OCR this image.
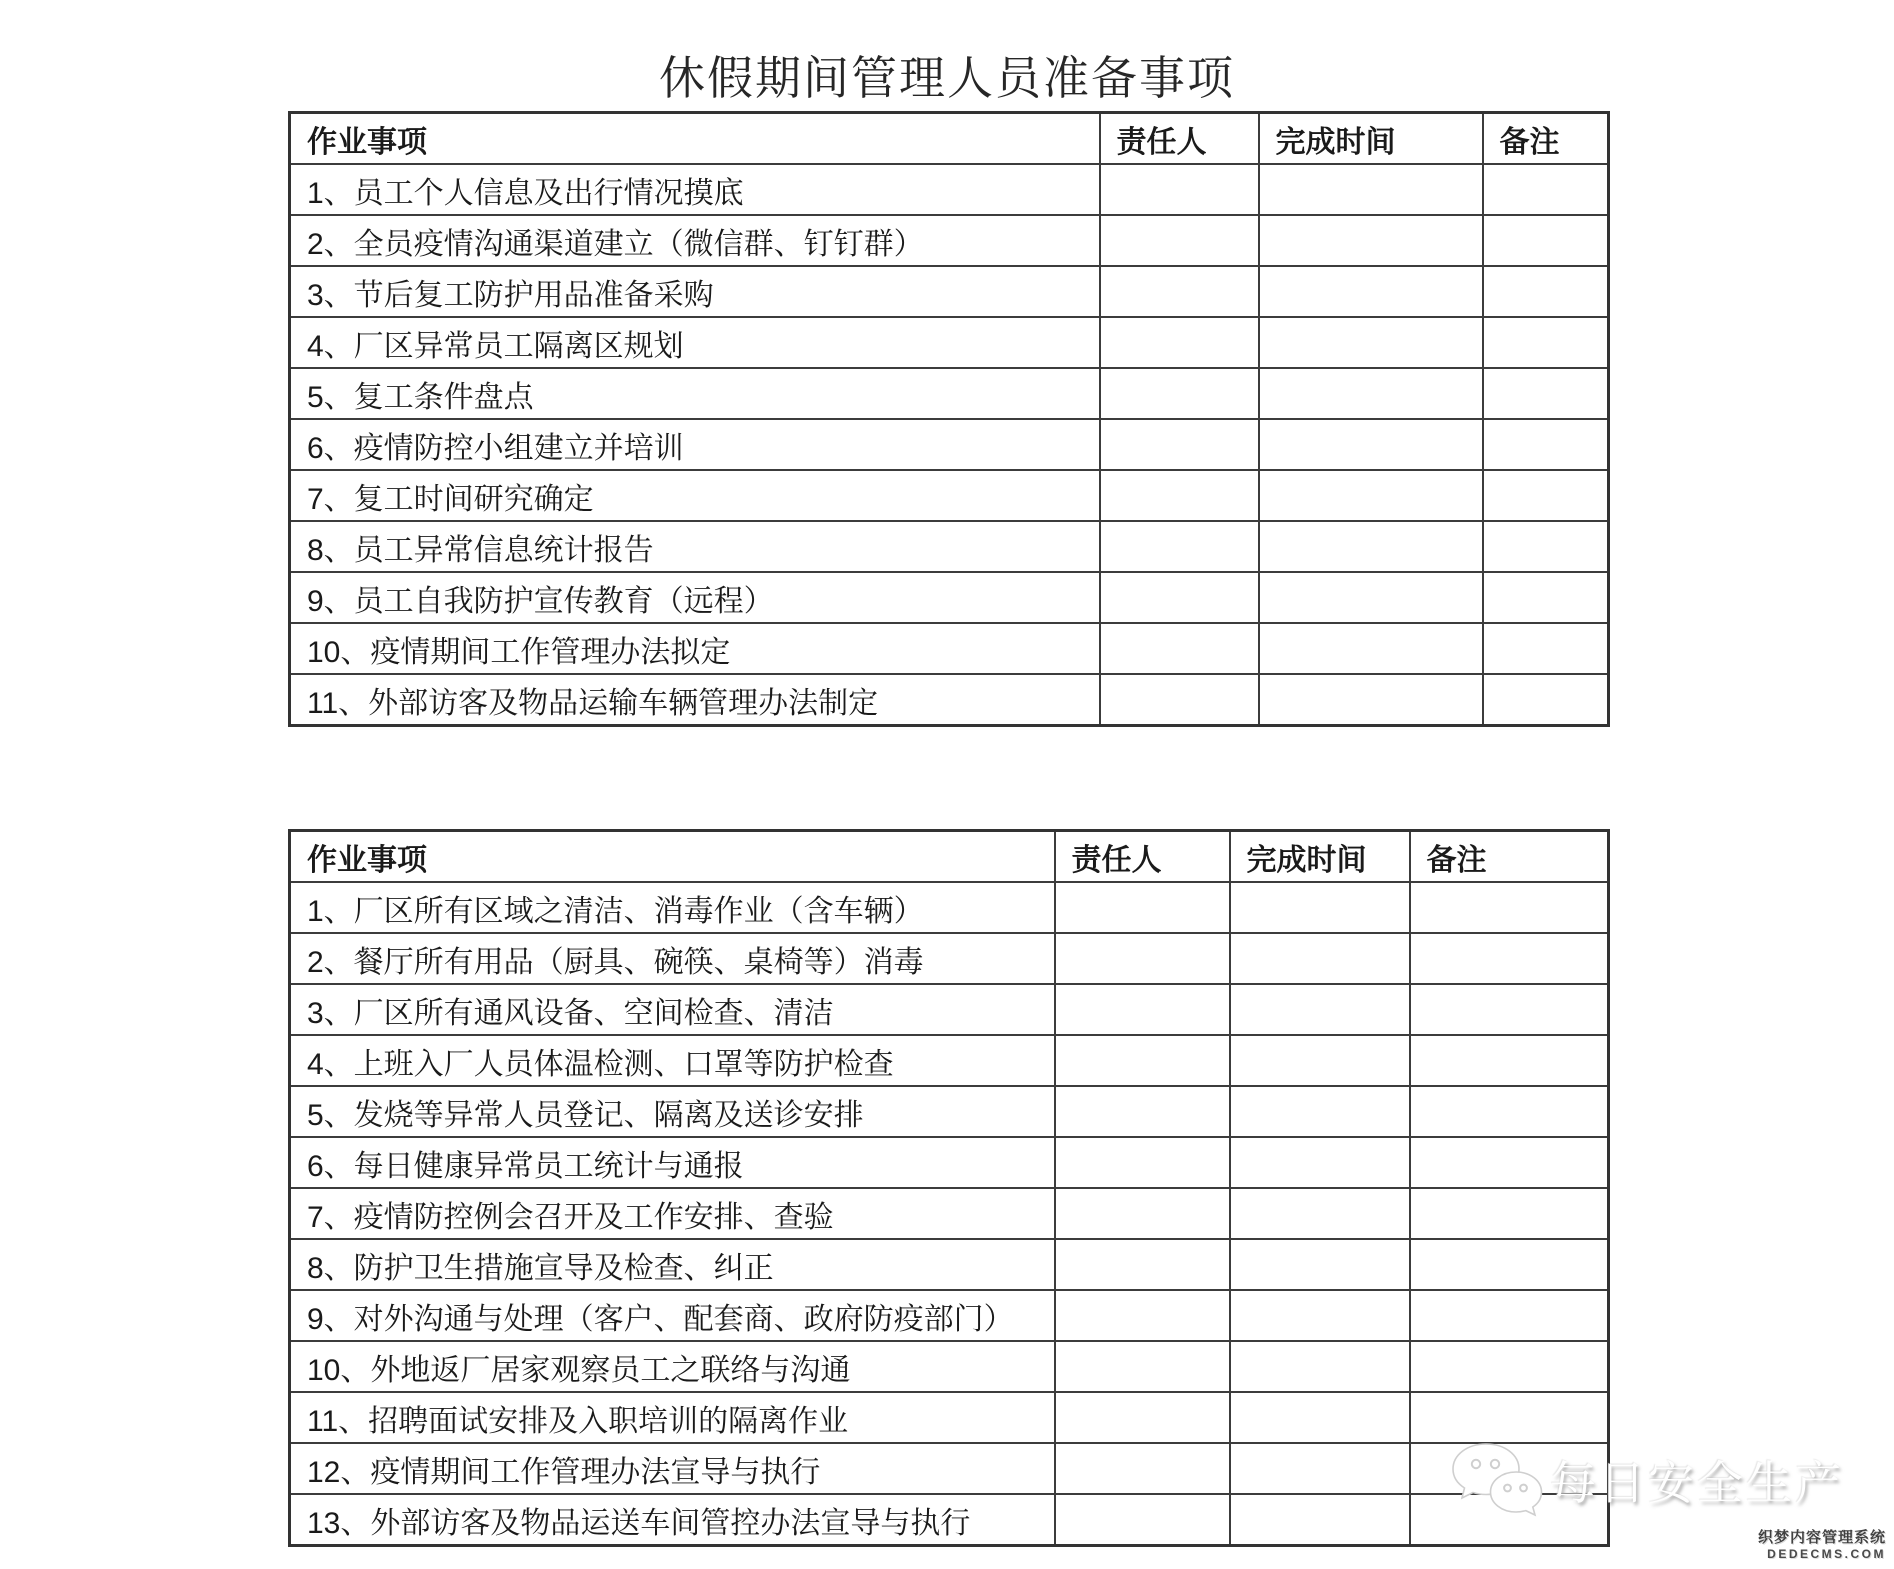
休假期间管理人员准备事项
作业事项	责任人	完成时间	备注
1、员工个人信息及出行情况摸底			
2、全员疫情沟通渠道建立（微信群、钉钉群）			
3、节后复工防护用品准备采购			
4、厂区异常员工隔离区规划			
5、复工条件盘点			
6、疫情防控小组建立并培训			
7、复工时间研究确定			
8、员工异常信息统计报告			
9、员工自我防护宣传教育（远程）			
10、疫情期间工作管理办法拟定			
11、外部访客及物品运输车辆管理办法制定			
作业事项	责任人	完成时间	备注
1、厂区所有区域之清洁、消毒作业（含车辆）			
2、餐厅所有用品（厨具、碗筷、桌椅等）消毒			
3、厂区所有通风设备、空间检查、清洁			
4、上班入厂人员体温检测、口罩等防护检查			
5、发烧等异常人员登记、隔离及送诊安排			
6、每日健康异常员工统计与通报			
7、疫情防控例会召开及工作安排、查验			
8、防护卫生措施宣导及检查、纠正			
9、对外沟通与处理（客户、配套商、政府防疫部门）			
10、外地返厂居家观察员工之联络与沟通			
11、招聘面试安排及入职培训的隔离作业			
12、疫情期间工作管理办法宣导与执行			
13、外部访客及物品运送车间管控办法宣导与执行			
每日安全生产
织梦内容管理系统
DEDECMS.COM
